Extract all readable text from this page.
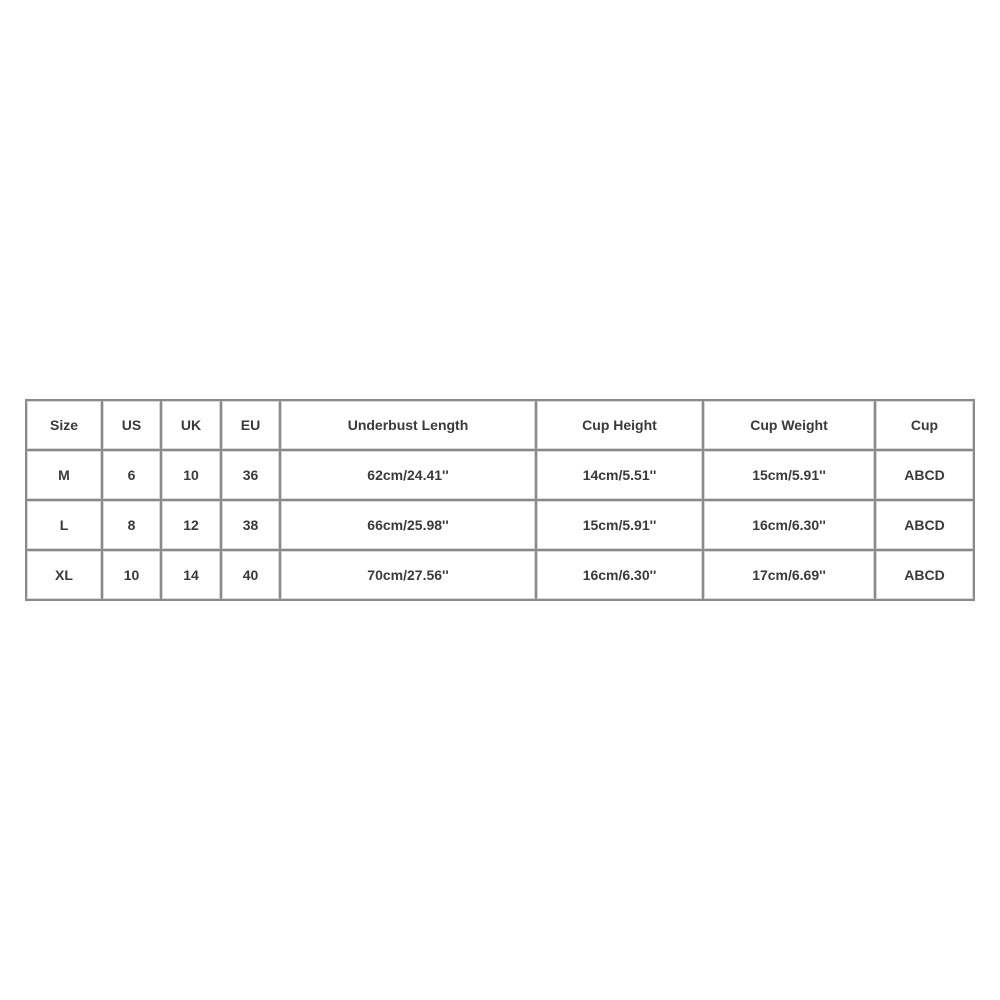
Size	US	UK	EU	Underbust Length	Cup Height	Cup Weight	Cup
M	6	10	36	62cm/24.41''	14cm/5.51''	15cm/5.91''	ABCD
L	8	12	38	66cm/25.98''	15cm/5.91''	16cm/6.30''	ABCD
XL	10	14	40	70cm/27.56''	16cm/6.30''	17cm/6.69''	ABCD
